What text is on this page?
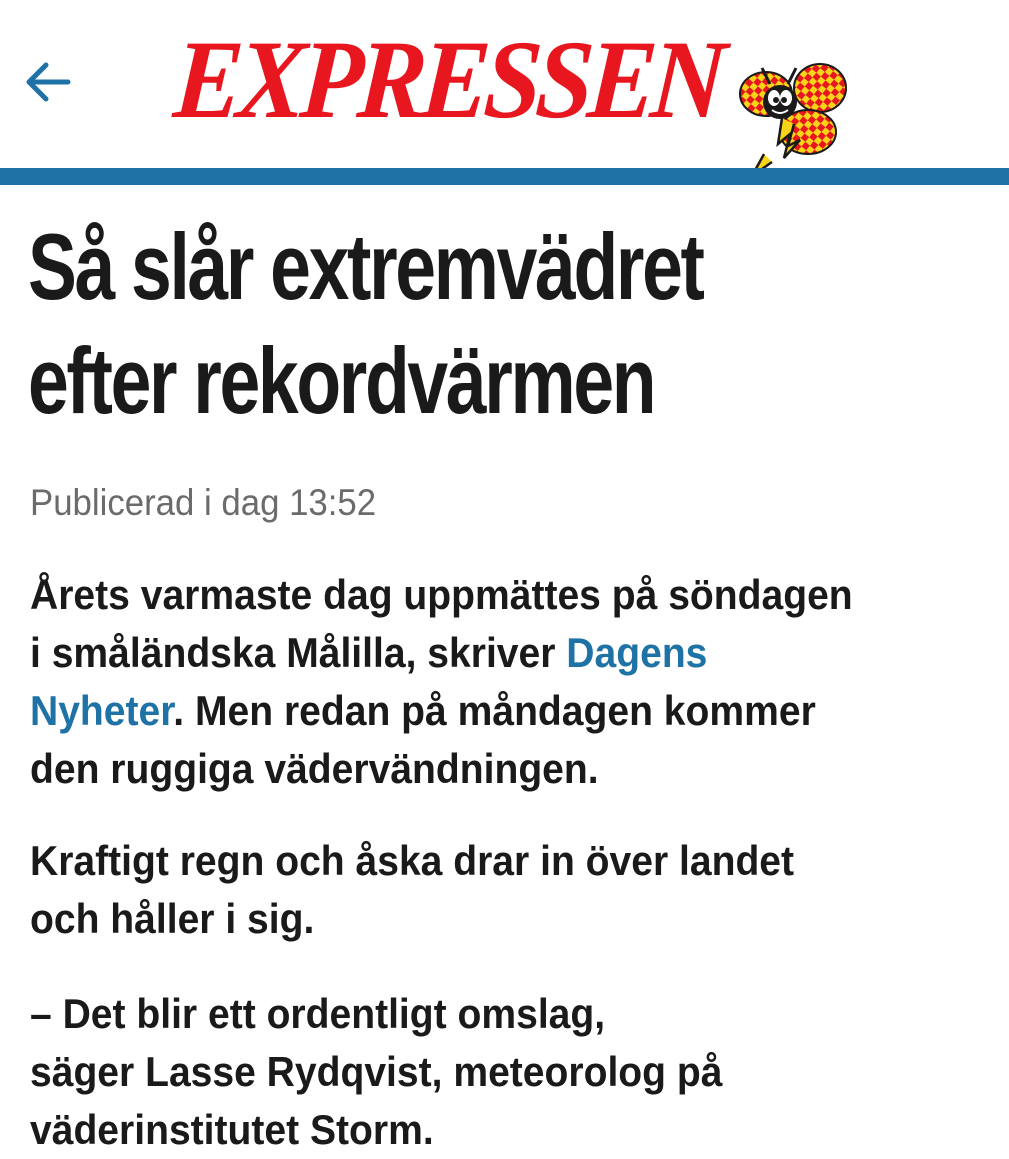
EXPRESSEN
Så slår extremvädret
efter rekordvärmen
Publicerad i dag 13:52

Årets varmaste dag uppmättes på söndagen
i småländska Målilla, skriver Dagens
Nyheter. Men redan på måndagen kommer
den ruggiga vädervändningen.

Kraftigt regn och åska drar in över landet
och håller i sig.

– Det blir ett ordentligt omslag,
säger Lasse Rydqvist, meteorolog på
väderinstitutet Storm.
